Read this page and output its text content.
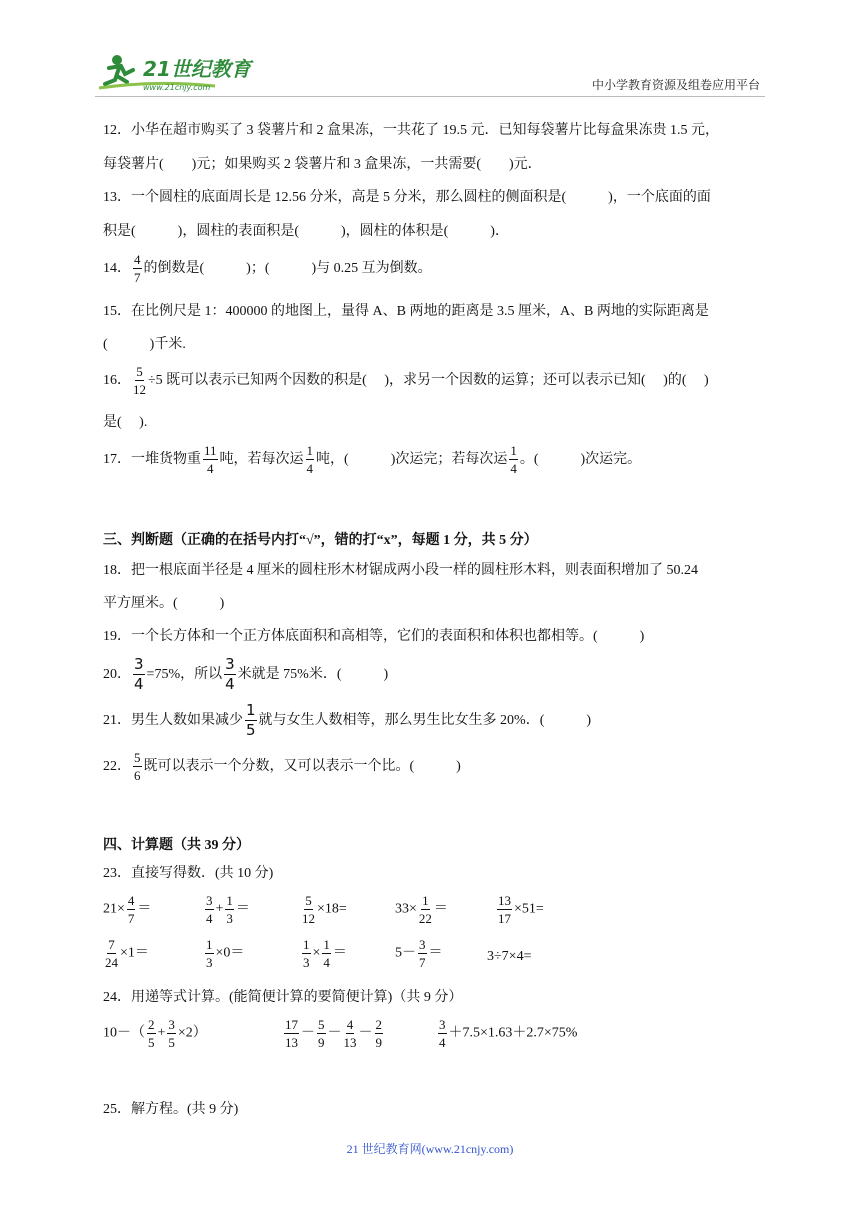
21世纪教育
www.21cnjy.com	中小学教育资源及组卷应用平台
12．小华在超市购买了 3 袋薯片和 2 盒果冻，一共花了 19.5 元．已知每袋薯片比每盒果冻贵 1.5 元，
每袋薯片(　　)元；如果购买 2 袋薯片和 3 盒果冻，一共需要(　　)元．
13．一个圆柱的底面周长是 12.56 分米，高是 5 分米，那么圆柱的侧面积是(　　　)，一个底面的面
积是(　　　)，圆柱的表面积是(　　　)，圆柱的体积是(　　　)．
14． $\frac{4}{7}$ 的倒数是(　　　)；(　　　)与 0.25 互为倒数。
15．在比例尺是 1：400000 的地图上，量得 A、B 两地的距离是 3.5 厘米，A、B 两地的实际距离是
(　　　)千米.
16． $\frac{5}{12} \div 5$ 既可以表示已知两个因数的积是(　 )，求另一个因数的运算；还可以表示已知(　 )的(　 )
是(　 ).
17．一堆货物重 $\frac{11}{4}$ 吨，若每次运 $\frac{1}{4}$ 吨，(　　　)次运完；若每次运 $\frac{1}{4}$ 。(　　　)次运完。
三、判断题（正确的在括号内打“√”，错的打“x”，每题 1 分，共 5 分）
18．把一根底面半径是 4 厘米的圆柱形木材锯成两小段一样的圆柱形木料，则表面积增加了 50.24
平方厘米。(　　　)
19．一个长方体和一个正方体底面积和高相等，它们的表面积和体积也都相等。(　　　)
20． $\frac{3}{4} =75\%$，所以 $\frac{3}{4}$ 米就是 75%米．(　　　)
21．男生人数如果减少 $\frac{1}{5}$ 就与女生人数相等，那么男生比女生多 20%．(　　　)
22． $\frac{5}{6}$ 既可以表示一个分数，又可以表示一个比。(　　　)
四、计算题（共 39 分）
23．直接写得数．(共 10 分)
$21\times \frac{4}{7}$ ＝	$\frac{3}{4} + \frac{1}{3}$ ＝	$\frac{5}{12} \times 18=$	$33\times \frac{1}{22}$ ＝	$\frac{13}{17} \times 51=$
$\frac{7}{24} \times 1=$	$\frac{1}{3} \times 0=$	$\frac{1}{3} \times \frac{1}{4}$ ＝	$5- \frac{3}{7}$ ＝	3÷7×4=
24．用递等式计算。(能简便计算的要简便计算)（共 9 分）
$10-( \frac{2}{5} + \frac{3}{5} \times 2)$	$\frac{17}{13} - \frac{5}{9} - \frac{4}{13} - \frac{2}{9}$	$\frac{3}{4} +7.5\times 1.63+2.7\times 75\%$
25．解方程。(共 9 分)
21 世纪教育网(www.21cnjy.com)
